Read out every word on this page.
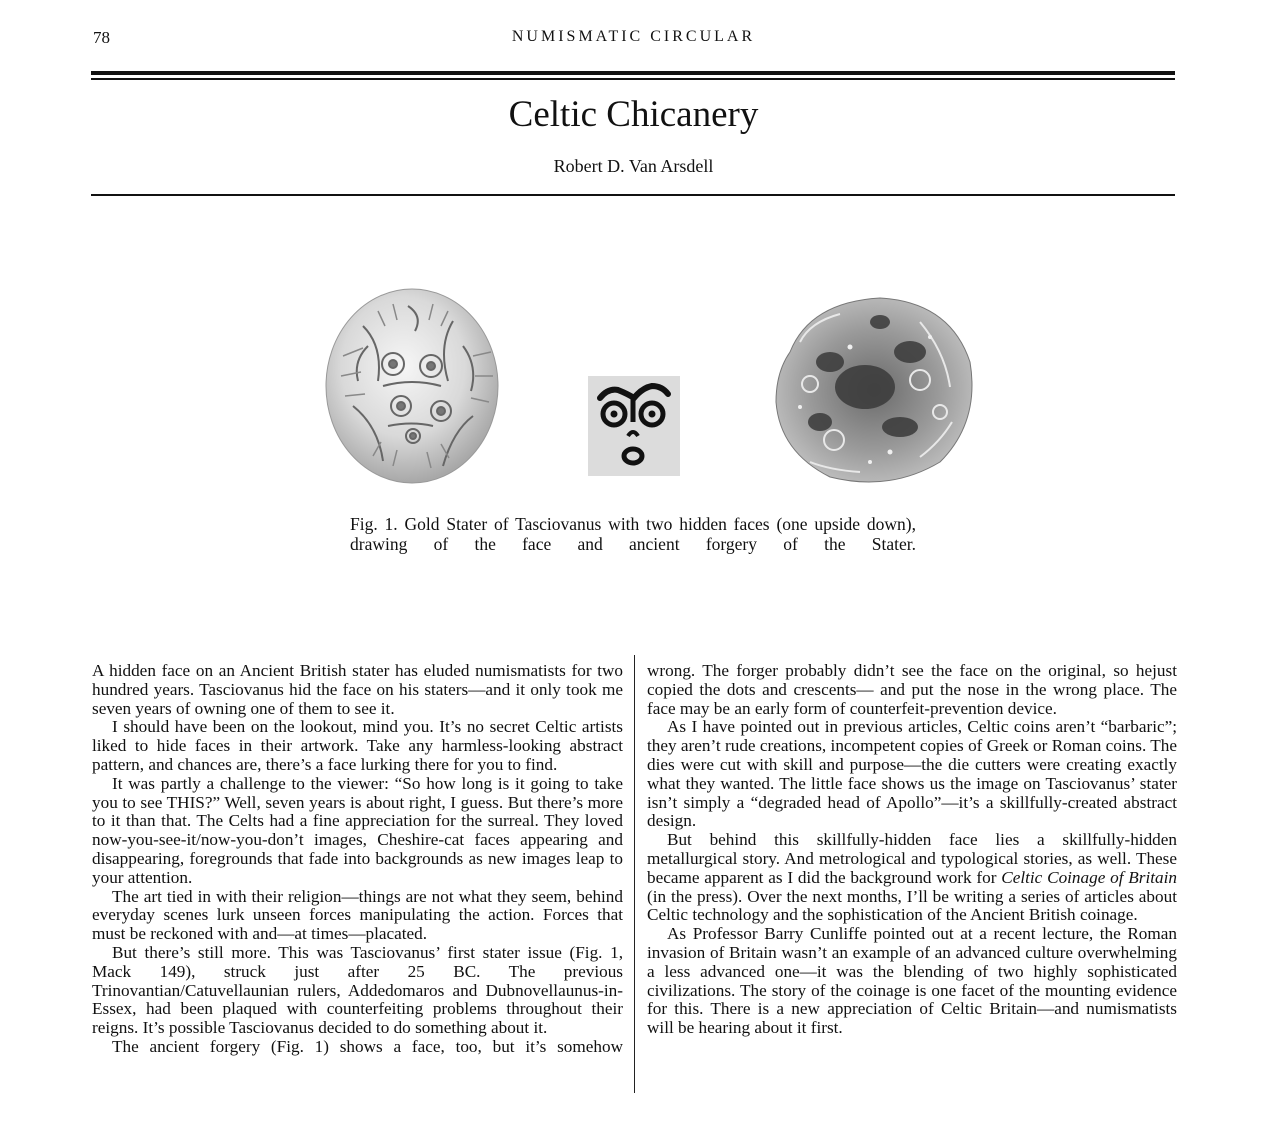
78	NUMISMATIC CIRCULAR
Celtic Chicanery
Robert D. Van Arsdell
Fig. 1. Gold Stater of Tasciovanus with two hidden faces (one upside down), drawing of the face and ancient forgery of the Stater.

A hidden face on an Ancient British stater has eluded numismatists for two hundred years. Tasciovanus hid the face on his staters—and it only took me seven years of owning one of them to see it.

I should have been on the lookout, mind you. It’s no secret Celtic artists liked to hide faces in their artwork. Take any harmless-looking abstract pattern, and chances are, there’s a face lurking there for you to find.

It was partly a challenge to the viewer: “So how long is it going to take you to see THIS?” Well, seven years is about right, I guess. But there’s more to it than that. The Celts had a fine appreciation for the surreal. They loved now-you-see-it/now-you-don’t images, Cheshire-cat faces appearing and disappearing, foregrounds that fade into backgrounds as new images leap to your attention.

The art tied in with their religion—things are not what they seem, behind everyday scenes lurk unseen forces manipulating the action. Forces that must be reckoned with and—at times—placated.

But there’s still more. This was Tasciovanus’ first stater issue (Fig. 1, Mack 149), struck just after 25 BC. The previous Trinovantian/Catuvellaunian rulers, Addedomaros and Dubnovellaunus-in-Essex, had been plaqued with counterfeiting problems throughout their reigns. It’s possible Tasciovanus decided to do something about it.

The ancient forgery (Fig. 1) shows a face, too, but it’s somehow

wrong. The forger probably didn’t see the face on the original, so hejust copied the dots and crescents— and put the nose in the wrong place. The face may be an early form of counterfeit-prevention device.

As I have pointed out in previous articles, Celtic coins aren’t “barbaric”; they aren’t rude creations, incompetent copies of Greek or Roman coins. The dies were cut with skill and purpose—the die cutters were creating exactly what they wanted. The little face shows us the image on Tasciovanus’ stater isn’t simply a “degraded head of Apollo”—it’s a skillfully-created abstract design.

But behind this skillfully-hidden face lies a skillfully-hidden metallurgical story. And metrological and typological stories, as well. These became apparent as I did the background work for Celtic Coinage of Britain (in the press). Over the next months, I’ll be writing a series of articles about Celtic technology and the sophistication of the Ancient British coinage.

As Professor Barry Cunliffe pointed out at a recent lecture, the Roman invasion of Britain wasn’t an example of an advanced culture overwhelming a less advanced one—it was the blending of two highly sophisticated civilizations. The story of the coinage is one facet of the mounting evidence for this. There is a new appreciation of Celtic Britain—and numismatists will be hearing about it first.
